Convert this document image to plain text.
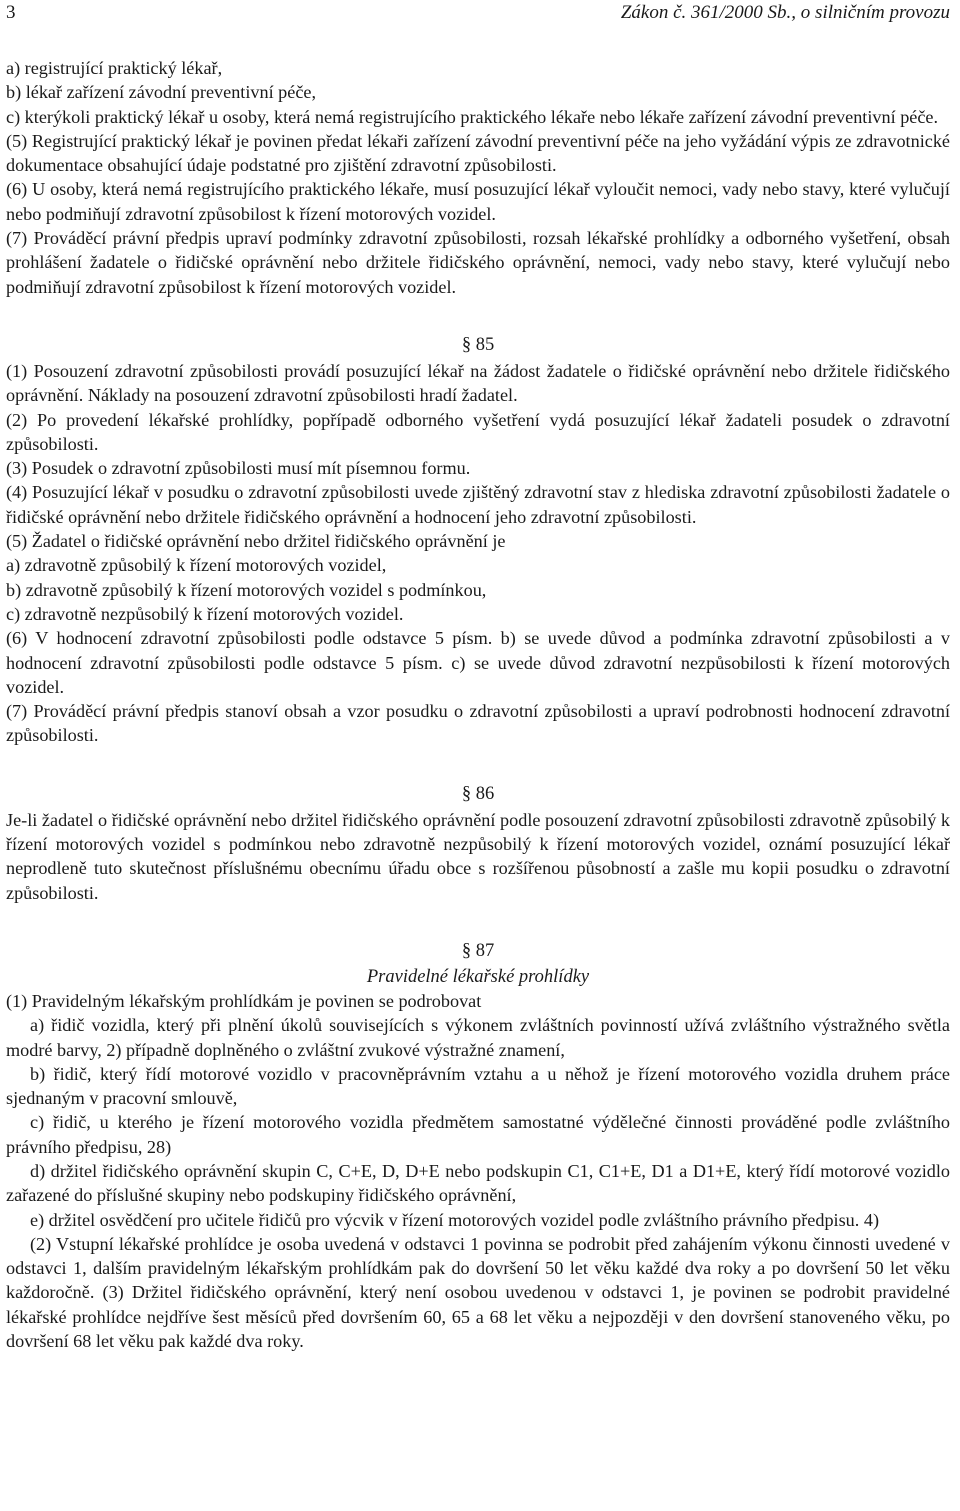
3	Zákon č. 361/2000 Sb., o silničním provozu

a) registrující praktický lékař,

b) lékař zařízení závodní preventivní péče,

c) kterýkoli praktický lékař u osoby, která nemá registrujícího praktického lékaře nebo lékaře zařízení závodní preventivní péče.

(5) Registrující praktický lékař je povinen předat lékaři zařízení závodní preventivní péče na jeho vyžádání výpis ze zdravotnické dokumentace obsahující údaje podstatné pro zjištění zdravotní způsobilosti.

(6) U osoby, která nemá registrujícího praktického lékaře, musí posuzující lékař vyloučit nemoci, vady nebo stavy, které vylučují nebo podmiňují zdravotní způsobilost k řízení motorových vozidel.

(7) Prováděcí právní předpis upraví podmínky zdravotní způsobilosti, rozsah lékařské prohlídky a odborného vyšetření, obsah prohlášení žadatele o řidičské oprávnění nebo držitele řidičského oprávnění, nemoci, vady nebo stavy, které vylučují nebo podmiňují zdravotní způsobilost k řízení motorových vozidel.

§ 85

(1) Posouzení zdravotní způsobilosti provádí posuzující lékař na žádost žadatele o řidičské oprávnění nebo držitele řidičského oprávnění. Náklady na posouzení zdravotní způsobilosti hradí žadatel.

(2) Po provedení lékařské prohlídky, popřípadě odborného vyšetření vydá posuzující lékař žadateli posudek o zdravotní způsobilosti.

(3) Posudek o zdravotní způsobilosti musí mít písemnou formu.

(4) Posuzující lékař v posudku o zdravotní způsobilosti uvede zjištěný zdravotní stav z hlediska zdravotní způsobilosti žadatele o řidičské oprávnění nebo držitele řidičského oprávnění a hodnocení jeho zdravotní způsobilosti.

(5) Žadatel o řidičské oprávnění nebo držitel řidičského oprávnění je

a) zdravotně způsobilý k řízení motorových vozidel,

b) zdravotně způsobilý k řízení motorových vozidel s podmínkou,

c) zdravotně nezpůsobilý k řízení motorových vozidel.

(6) V hodnocení zdravotní způsobilosti podle odstavce 5 písm. b) se uvede důvod a podmínka zdravotní způsobilosti a v hodnocení zdravotní způsobilosti podle odstavce 5 písm. c) se uvede důvod zdravotní nezpůsobilosti k řízení motorových vozidel.

(7) Prováděcí právní předpis stanoví obsah a vzor posudku o zdravotní způsobilosti a upraví podrobnosti hodnocení zdravotní způsobilosti.

§ 86

Je-li žadatel o řidičské oprávnění nebo držitel řidičského oprávnění podle posouzení zdravotní způsobilosti zdravotně způsobilý k řízení motorových vozidel s podmínkou nebo zdravotně nezpůsobilý k řízení motorových vozidel, oznámí posuzující lékař neprodleně tuto skutečnost příslušnému obecnímu úřadu obce s rozšířenou působností a zašle mu kopii posudku o zdravotní způsobilosti.

§ 87

Pravidelné lékařské prohlídky

(1) Pravidelným lékařským prohlídkám je povinen se podrobovat

a) řidič vozidla, který při plnění úkolů souvisejících s výkonem zvláštních povinností užívá zvláštního výstražného světla modré barvy, 2) případně doplněného o zvláštní zvukové výstražné znamení,

b) řidič, který řídí motorové vozidlo v pracovněprávním vztahu a u něhož je řízení motorového vozidla druhem práce sjednaným v pracovní smlouvě,

c) řidič, u kterého je řízení motorového vozidla předmětem samostatné výdělečné činnosti prováděné podle zvláštního právního předpisu, 28)

d) držitel řidičského oprávnění skupin C, C+E, D, D+E nebo podskupin C1, C1+E, D1 a D1+E, který řídí motorové vozidlo zařazené do příslušné skupiny nebo podskupiny řidičského oprávnění,

e) držitel osvědčení pro učitele řidičů pro výcvik v řízení motorových vozidel podle zvláštního právního předpisu. 4)

(2) Vstupní lékařské prohlídce je osoba uvedená v odstavci 1 povinna se podrobit před zahájením výkonu činnosti uvedené v odstavci 1, dalším pravidelným lékařským prohlídkám pak do dovršení 50 let věku každé dva roky a po dovršení 50 let věku každoročně. (3) Držitel řidičského oprávnění, který není osobou uvedenou v odstavci 1, je povinen se podrobit pravidelné lékařské prohlídce nejdříve šest měsíců před dovršením 60, 65 a 68 let věku a nejpozději v den dovršení stanoveného věku, po dovršení 68 let věku pak každé dva roky.
